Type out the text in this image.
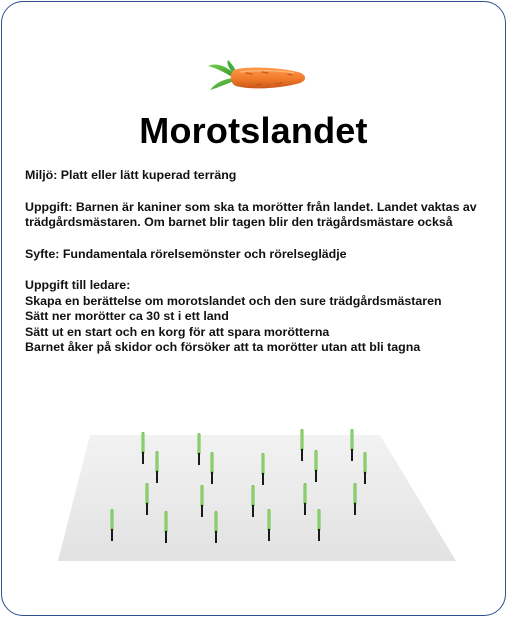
Morotslandet

Miljö: Platt eller lätt kuperad terräng

Uppgift: Barnen är kaniner som ska ta morötter från landet. Landet vaktas av
trädgårdsmästaren. Om barnet blir tagen blir den trägårdsmästare också

Syfte: Fundamentala rörelsemönster och rörelseglädje

Uppgift till ledare:
Skapa en berättelse om morotslandet och den sure trädgårdsmästaren
Sätt ner morötter ca 30 st i ett land
Sätt ut en start och en korg för att spara morötterna
Barnet åker på skidor och försöker att ta morötter utan att bli tagna
